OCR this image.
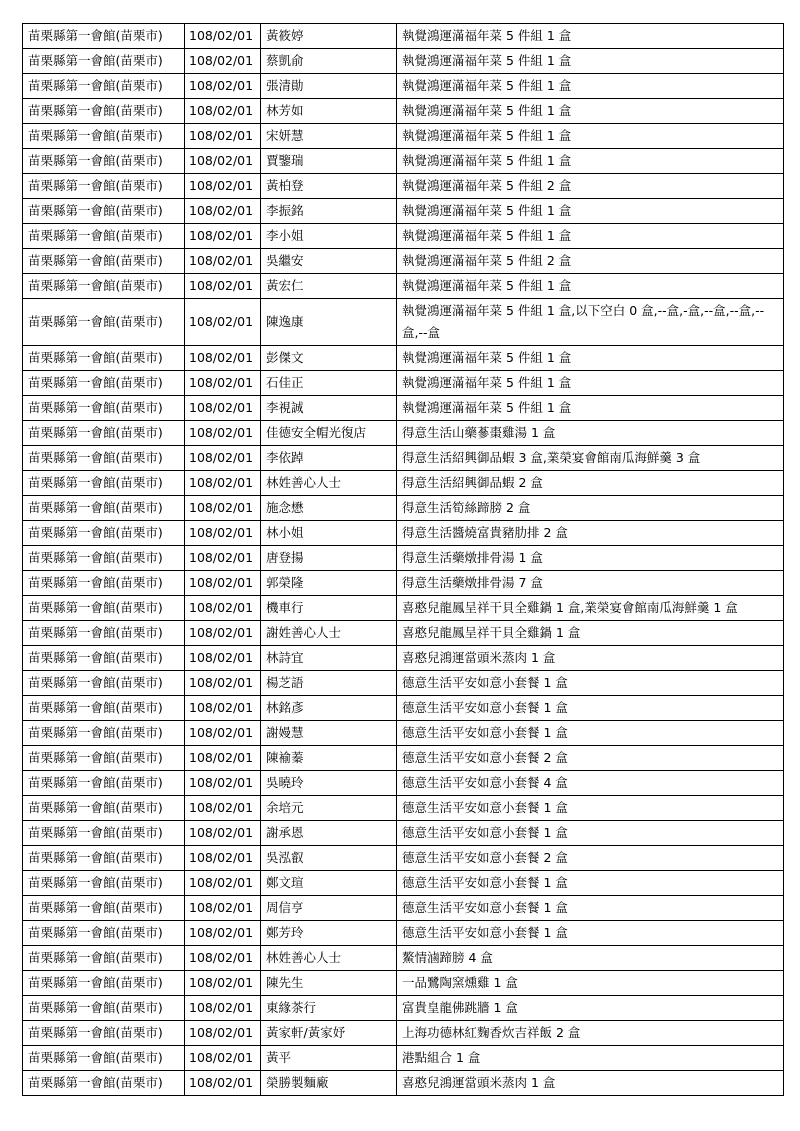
苗栗縣第一會館(苗栗市)	108/02/01	黃筱婷	執覺鴻運滿福年菜 5 件組 1 盒
苗栗縣第一會館(苗栗市)	108/02/01	蔡凱俞	執覺鴻運滿福年菜 5 件組 1 盒
苗栗縣第一會館(苗栗市)	108/02/01	張清勛	執覺鴻運滿福年菜 5 件組 1 盒
苗栗縣第一會館(苗栗市)	108/02/01	林芳如	執覺鴻運滿福年菜 5 件組 1 盒
苗栗縣第一會館(苗栗市)	108/02/01	宋妍慧	執覺鴻運滿福年菜 5 件組 1 盒
苗栗縣第一會館(苗栗市)	108/02/01	賈鑒瑞	執覺鴻運滿福年菜 5 件組 1 盒
苗栗縣第一會館(苗栗市)	108/02/01	黃柏登	執覺鴻運滿福年菜 5 件組 2 盒
苗栗縣第一會館(苗栗市)	108/02/01	李振銘	執覺鴻運滿福年菜 5 件組 1 盒
苗栗縣第一會館(苗栗市)	108/02/01	李小姐	執覺鴻運滿福年菜 5 件組 1 盒
苗栗縣第一會館(苗栗市)	108/02/01	吳繼安	執覺鴻運滿福年菜 5 件組 2 盒
苗栗縣第一會館(苗栗市)	108/02/01	黃宏仁	執覺鴻運滿福年菜 5 件組 1 盒
苗栗縣第一會館(苗栗市)	108/02/01	陳逸康	執覺鴻運滿福年菜 5 件組 1 盒,以下空白 0 盒,--盒,-盒,--盒,--盒,--盒,--盒
苗栗縣第一會館(苗栗市)	108/02/01	彭傑文	執覺鴻運滿福年菜 5 件組 1 盒
苗栗縣第一會館(苗栗市)	108/02/01	石佳正	執覺鴻運滿福年菜 5 件組 1 盒
苗栗縣第一會館(苗栗市)	108/02/01	李視誠	執覺鴻運滿福年菜 5 件組 1 盒
苗栗縣第一會館(苗栗市)	108/02/01	佳德安全帽光復店	得意生活山藥蔘棗雞湯 1 盒
苗栗縣第一會館(苗栗市)	108/02/01	李依踔	得意生活紹興御品蝦 3 盒,業榮宴會館南瓜海鮮羹 3 盒
苗栗縣第一會館(苗栗市)	108/02/01	林姓善心人士	得意生活紹興御品蝦 2 盒
苗栗縣第一會館(苗栗市)	108/02/01	施念懋	得意生活筍絲蹄膀 2 盒
苗栗縣第一會館(苗栗市)	108/02/01	林小姐	得意生活醬燒富貴豬肋排 2 盒
苗栗縣第一會館(苗栗市)	108/02/01	唐登揚	得意生活藥燉排骨湯 1 盒
苗栗縣第一會館(苗栗市)	108/02/01	郭榮隆	得意生活藥燉排骨湯 7 盒
苗栗縣第一會館(苗栗市)	108/02/01	機車行	喜憨兒龍鳳呈祥干貝全雞鍋 1 盒,業榮宴會館南瓜海鮮羹 1 盒
苗栗縣第一會館(苗栗市)	108/02/01	謝姓善心人士	喜憨兒龍鳳呈祥干貝全雞鍋 1 盒
苗栗縣第一會館(苗栗市)	108/02/01	林詩宜	喜憨兒鴻運當頭米蒸肉 1 盒
苗栗縣第一會館(苗栗市)	108/02/01	楊芝語	德意生活平安如意小套餐 1 盒
苗栗縣第一會館(苗栗市)	108/02/01	林銘彥	德意生活平安如意小套餐 1 盒
苗栗縣第一會館(苗栗市)	108/02/01	謝嫚慧	德意生活平安如意小套餐 1 盒
苗栗縣第一會館(苗栗市)	108/02/01	陳褕蓁	德意生活平安如意小套餐 2 盒
苗栗縣第一會館(苗栗市)	108/02/01	吳曉玲	德意生活平安如意小套餐 4 盒
苗栗縣第一會館(苗栗市)	108/02/01	余培元	德意生活平安如意小套餐 1 盒
苗栗縣第一會館(苗栗市)	108/02/01	謝承恩	德意生活平安如意小套餐 1 盒
苗栗縣第一會館(苗栗市)	108/02/01	吳泓叡	德意生活平安如意小套餐 2 盒
苗栗縣第一會館(苗栗市)	108/02/01	鄭文瑄	德意生活平安如意小套餐 1 盒
苗栗縣第一會館(苗栗市)	108/02/01	周信亨	德意生活平安如意小套餐 1 盒
苗栗縣第一會館(苗栗市)	108/02/01	鄭芳玲	德意生活平安如意小套餐 1 盒
苗栗縣第一會館(苗栗市)	108/02/01	林姓善心人士	鰲情滷蹄膀 4 盒
苗栗縣第一會館(苗栗市)	108/02/01	陳先生	一品鷺陶窯燻雞 1 盒
苗栗縣第一會館(苗栗市)	108/02/01	東緣茶行	富貴皇龍佛跳牆 1 盒
苗栗縣第一會館(苗栗市)	108/02/01	黃家軒/黃家妤	上海功德林紅麴香炊吉祥飯 2 盒
苗栗縣第一會館(苗栗市)	108/02/01	黃平	港點組合 1 盒
苗栗縣第一會館(苗栗市)	108/02/01	榮勝製麵廠	喜憨兒鴻運當頭米蒸肉 1 盒
